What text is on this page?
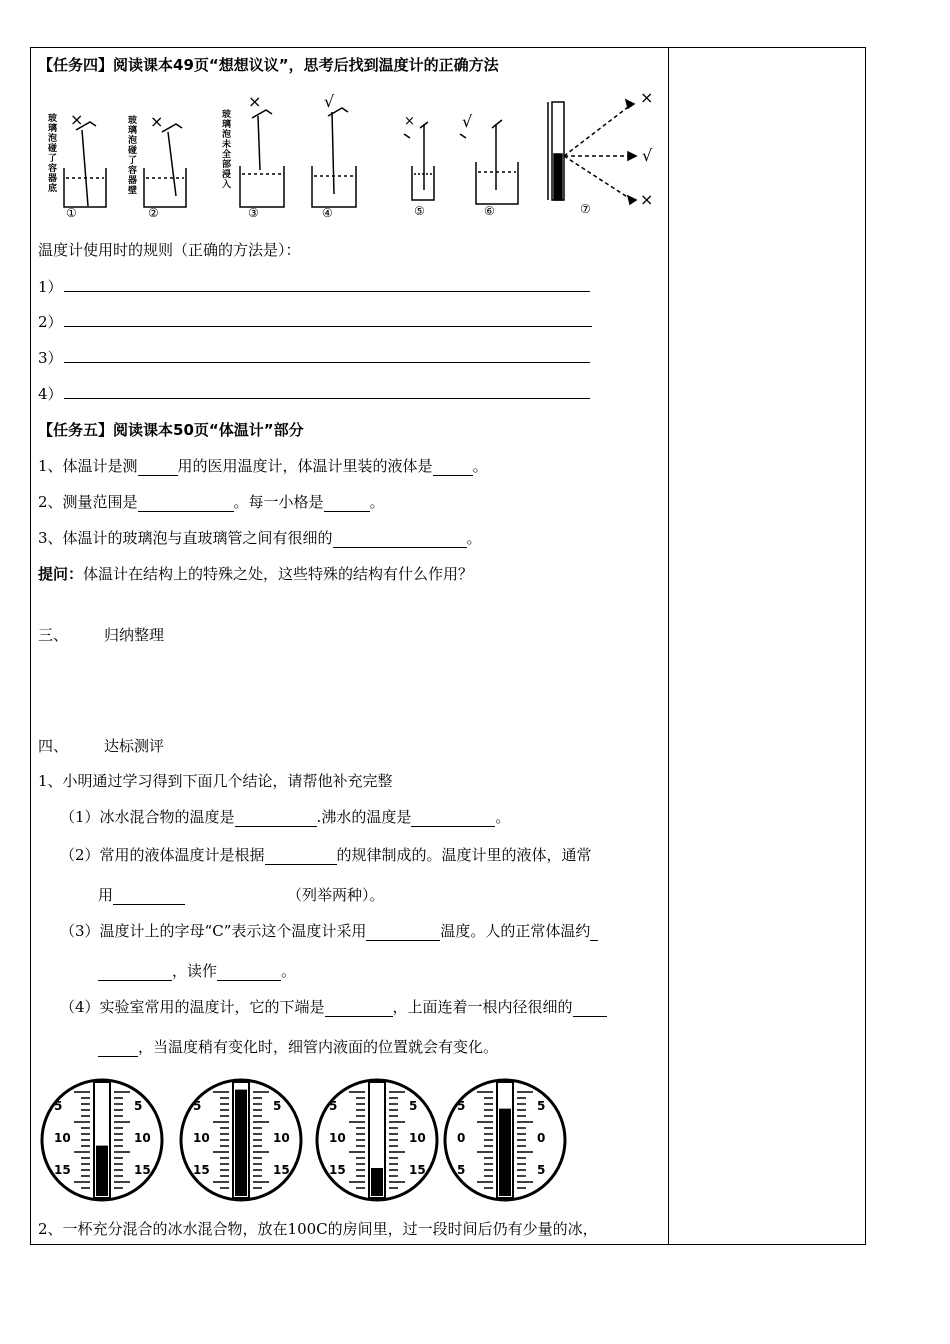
【任务四】阅读课本49页“想想议议”，思考后找到温度计的正确方法
玻璃泡碰了容器底
玻璃泡碰了容器壁
玻璃泡未全部浸入
×	×
×	√
×	√
×
√
×
①	②	③	④	⑤	⑥	⑦
温度计使用时的规则（正确的方法是）：
1）
2）
3）
4）
【任务五】阅读课本50页“体温计”部分
1、体温计是测	用的医用温度计，体温计里装的液体是	。
2、测量范围是	。每一小格是	。
3、体温计的玻璃泡与直玻璃管之间有很细的	。
提问：体温计在结构上的特殊之处，这些特殊的结构有什么作用？
三、 归纳整理
四、 达标测评
1、小明通过学习得到下面几个结论，请帮他补充完整
（1）冰水混合物的温度是	.沸水的温度是	。
（2）常用的液体温度计是根据	的规律制成的。温度计里的液体，通常
用	（列举两种）。
（3）温度计上的字母“C”表示这个温度计采用	温度。人的正常体温约
，读作	。
（4）实验室常用的温度计，它的下端是	，上面连着一根内径很细的
，当温度稍有变化时，细管内液面的位置就会有变化。
5	5
10	10
15	15
5	5
10	10
15	15
5	5
10	10
15	15
5	5
0	0
5	5
2、一杯充分混合的冰水混合物，放在100C的房间里，过一段时间后仍有少量的冰，
